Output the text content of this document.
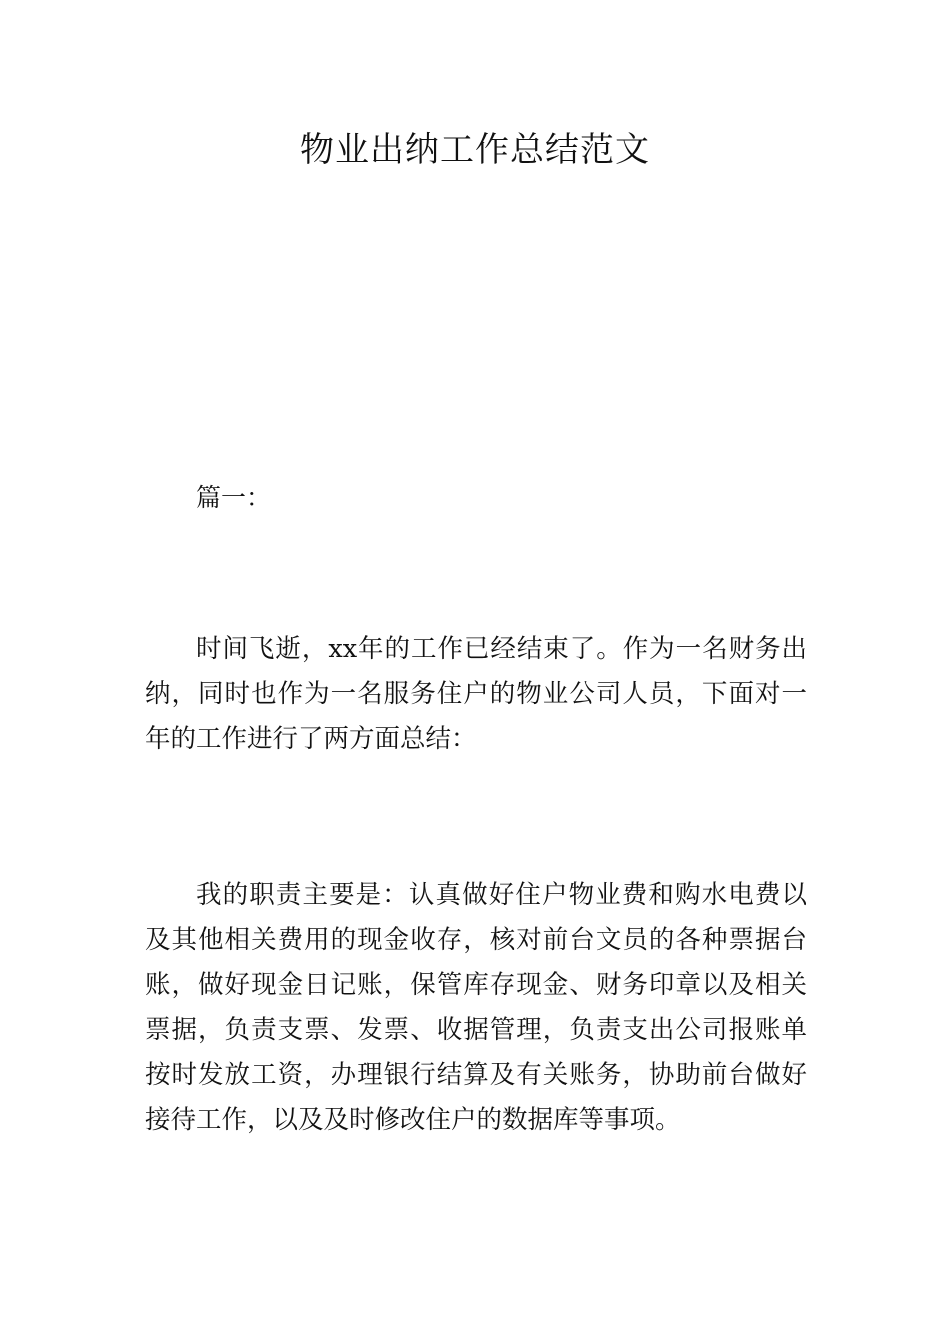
物业出纳工作总结范文

篇一：

时间飞逝，xx年的工作已经结束了。作为一名财务出纳，同时也作为一名服务住户的物业公司人员，下面对一年的工作进行了两方面总结：

我的职责主要是：认真做好住户物业费和购水电费以及其他相关费用的现金收存，核对前台文员的各种票据台账，做好现金日记账，保管库存现金、财务印章以及相关票据，负责支票、发票、收据管理，负责支出公司报账单按时发放工资，办理银行结算及有关账务，协助前台做好接待工作，以及及时修改住户的数据库等事项。
